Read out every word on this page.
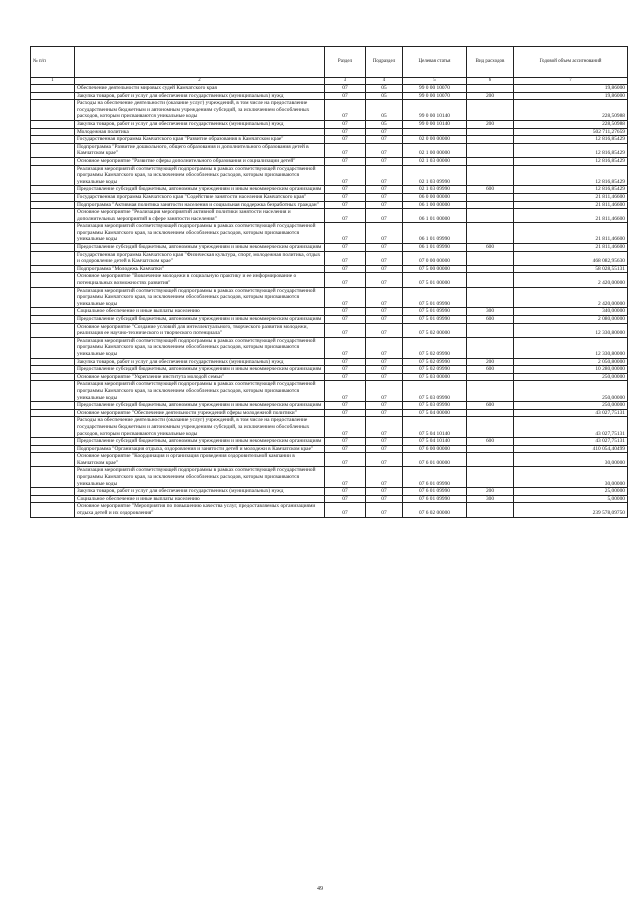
№ п/п		Раздел	Подраздел	Целевая статья	Вид расходов	Годовой объем ассигнований
1	2	3	4	5	6	7
	Обеспечение деятельности мировых судей Камчатского края	07	05	99 0 00 10070		19,86000
	Закупка товаров, работ и услуг для обеспечения государственных (муниципальных) нужд	07	05	99 0 00 10070	200	19,86000
	Расходы на обеспечение деятельности (оказание услуг) учреждений, в том числе на предоставление государственным бюджетным и автономным учреждениям субсидий, за исключением обособленных расходов, которым присваиваются уникальные коды	07	05	99 0 00 10140		228,50988
	Закупка товаров, работ и услуг для обеспечения государственных (муниципальных) нужд	07	05	99 0 00 10140	200	228,50988
	Молодежная политика	07	07			502 711,27659
	Государственная программа Камчатского края "Развитие образования в Камчатском крае"	07	07	02 0 00 00000		12 816,85429
	Подпрограмма "Развитие дошкольного, общего образования и дополнительного образования детей в Камчатском крае"	07	07	02 1 00 00000		12 816,85429
	Основное мероприятие "Развитие сферы дополнительного образования и социализации детей"	07	07	02 1 03 00000		12 816,85429
	Реализация мероприятий соответствующей подпрограммы в рамках соответствующей государственной программы Камчатского края, за исключением обособленных расходов, которым присваиваются уникальные коды	07	07	02 1 03 09990		12 816,85429
	Предоставление субсидий бюджетным, автономным учреждениям и иным некоммерческим организациям	07	07	02 1 03 09990	600	12 816,85429
	Государственная программа Камчатского края "Содействие занятости населения Камчатского края"	07	07	06 0 00 00000		21 811,46600
	Подпрограмма "Активная политика занятости населения и социальная поддержка безработных граждан"	07	07	06 1 00 00000		21 811,46600
	Основное мероприятие "Реализация мероприятий активной политики занятости населения и дополнительных мероприятий в сфере занятости населения"	07	07	06 1 01 00000		21 811,46600
	Реализация мероприятий соответствующей подпрограммы в рамках соответствующей государственной программы Камчатского края, за исключением обособленных расходов, которым присваиваются уникальные коды	07	07	06 1 01 09990		21 811,46600
	Предоставление субсидий бюджетным, автономным учреждениям и иным некоммерческим организациям	07	07	06 1 01 09990	600	21 811,46600
	Государственная программа Камчатского края "Физическая культура, спорт, молодежная политика, отдых и оздоровление детей в Камчатском крае"	07	07	07 0 00 00000		468 082,95630
	Подпрограмма "Молодежь Камчатки"	07	07	07 5 00 00000		58 028,55131
	Основное мероприятие "Вовлечение молодежи в социальную практику и ее информирование о потенциальных возможностях развития"	07	07	07 5 01 00000		2 420,00000
	Реализация мероприятий соответствующей подпрограммы в рамках соответствующей государственной программы Камчатского края, за исключением обособленных расходов, которым присваиваются уникальные коды	07	07	07 5 01 09990		2 420,00000
	Социальное обеспечение и иные выплаты населению	07	07	07 5 01 09990	300	340,00000
	Предоставление субсидий бюджетным, автономным учреждениям и иным некоммерческим организациям	07	07	07 5 01 09990	600	2 080,00000
	Основное мероприятие "Создание условий для интеллектуального, творческого развития молодежи, реализация ее научно-технического и творческого потенциала"	07	07	07 5 02 00000		12 330,80000
	Реализация мероприятий соответствующей подпрограммы в рамках соответствующей государственной программы Камчатского края, за исключением обособленных расходов, которым присваиваются уникальные коды	07	07	07 5 02 09990		12 330,80000
	Закупка товаров, работ и услуг для обеспечения государственных (муниципальных) нужд	07	07	07 5 02 09990	200	2 050,80000
	Предоставление субсидий бюджетным, автономным учреждениям и иным некоммерческим организациям	07	07	07 5 02 09990	600	10 280,00000
	Основное мероприятие "Укрепление института молодой семьи"	07	07	07 5 03 00000		250,00000
	Реализация мероприятий соответствующей подпрограммы в рамках соответствующей государственной программы Камчатского края, за исключением обособленных расходов, которым присваиваются уникальные коды	07	07	07 5 03 09990		250,00000
	Предоставление субсидий бюджетным, автономным учреждениям и иным некоммерческим организациям	07	07	07 5 03 09990	600	250,00000
	Основное мероприятие "Обеспечение деятельности учреждений сферы молодежной политики"	07	07	07 5 04 00000		43 027,75131
	Расходы на обеспечение деятельности (оказание услуг) учреждений, в том числе на предоставление государственным бюджетным и автономным учреждениям субсидий, за исключением обособленных расходов, которым присваиваются уникальные коды	07	07	07 5 04 10140		43 027,75131
	Предоставление субсидий бюджетным, автономным учреждениям и иным некоммерческим организациям	07	07	07 5 04 10140	600	43 027,75131
	Подпрограмма "Организация отдыха, оздоровления и занятости детей и молодежи в Камчатском крае"	07	07	07 6 00 00000		410 054,40499
	Основное мероприятие "Координация и организация проведения оздоровительной кампании в Камчатском крае"	07	07	07 6 01 00000		30,00000
	Реализация мероприятий соответствующей подпрограммы в рамках соответствующей государственной программы Камчатского края, за исключением обособленных расходов, которым присваиваются уникальные коды	07	07	07 6 01 09990		30,00000
	Закупка товаров, работ и услуг для обеспечения государственных (муниципальных) нужд	07	07	07 6 01 09990	200	25,00000
	Социальное обеспечение и иные выплаты населению	07	07	07 6 01 09990	300	5,00000
	Основное мероприятие "Мероприятия по повышению качества услуг, предоставляемых организациями отдыха детей и их оздоровления"	07	07	07 6 02 00000		239 578,09750
49
